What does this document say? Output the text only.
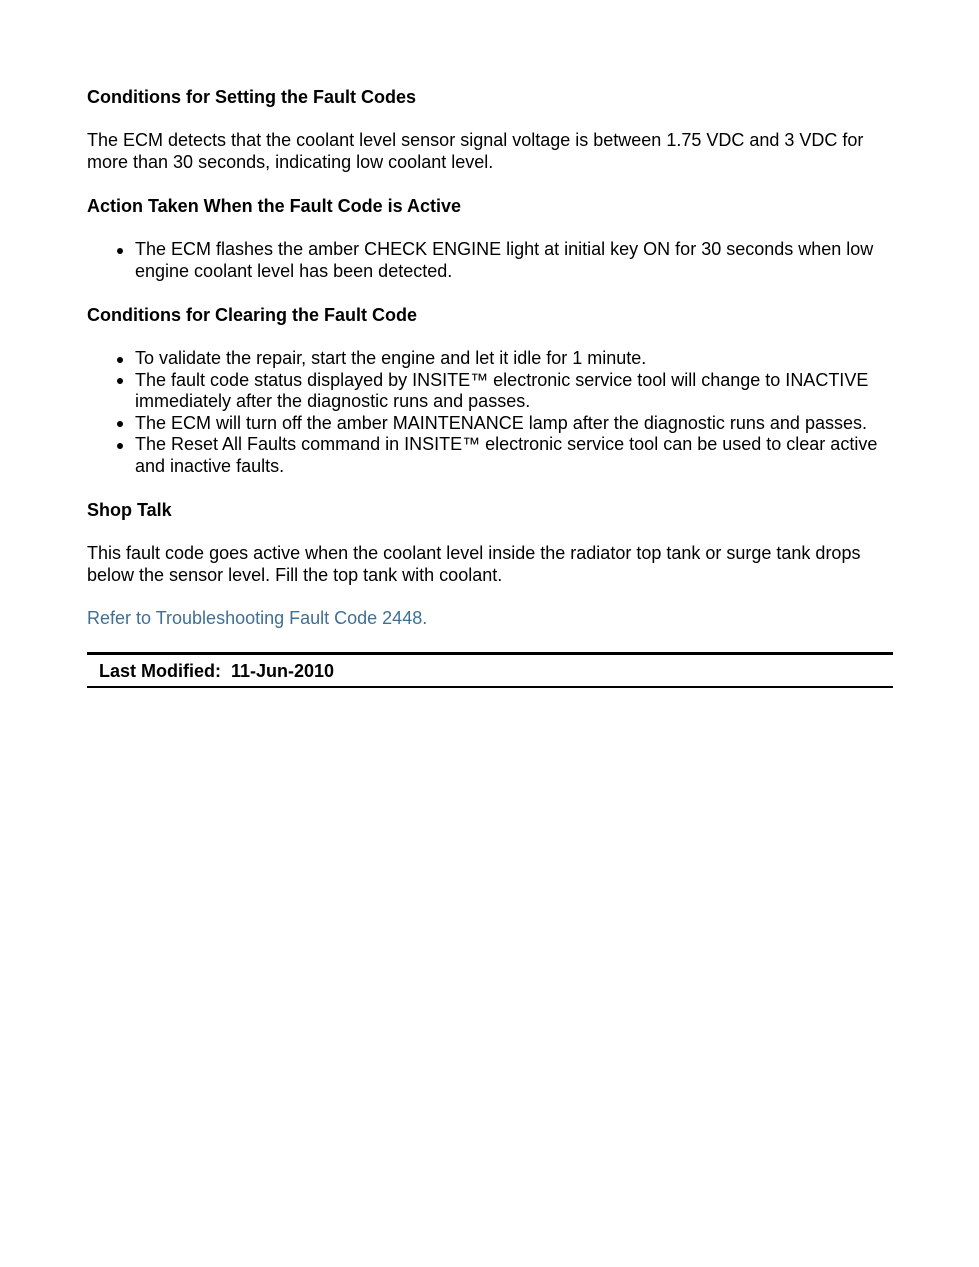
Conditions for Setting the Fault Codes

The ECM detects that the coolant level sensor signal voltage is between 1.75 VDC and 3 VDC for more than 30 seconds, indicating low coolant level.

Action Taken When the Fault Code is Active

The ECM flashes the amber CHECK ENGINE light at initial key ON for 30 seconds when low engine coolant level has been detected.

Conditions for Clearing the Fault Code

To validate the repair, start the engine and let it idle for 1 minute.
The fault code status displayed by INSITE™ electronic service tool will change to INACTIVE immediately after the diagnostic runs and passes.
The ECM will turn off the amber MAINTENANCE lamp after the diagnostic runs and passes.
The Reset All Faults command in INSITE™ electronic service tool can be used to clear active and inactive faults.

Shop Talk

This fault code goes active when the coolant level inside the radiator top tank or surge tank drops below the sensor level. Fill the top tank with coolant.

Refer to Troubleshooting Fault Code 2448.
Last Modified:  11-Jun-2010
